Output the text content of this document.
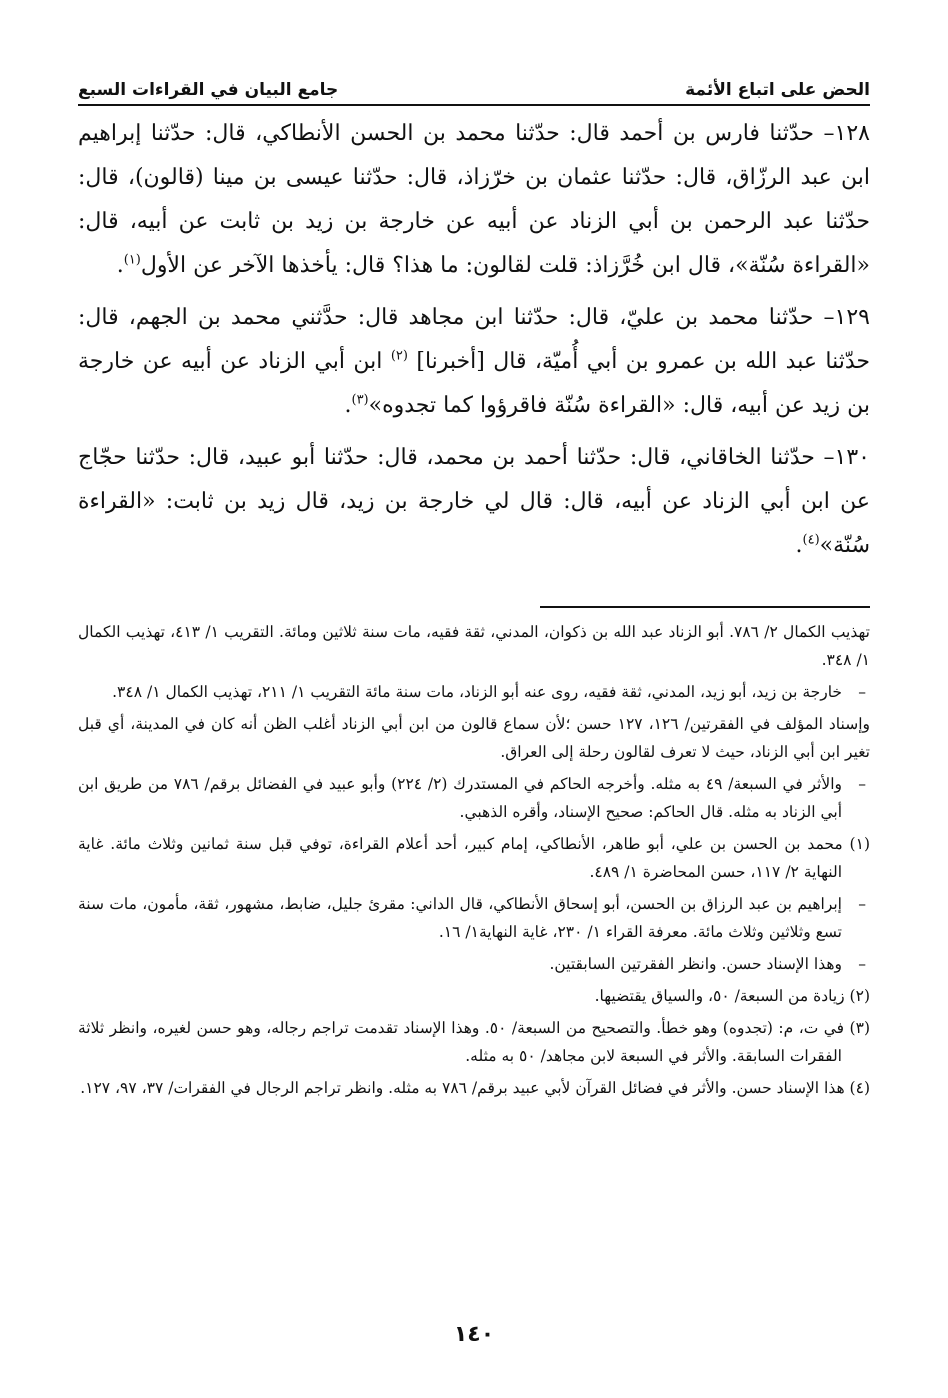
الحض على اتباع الأئمة
جامع البيان في القراءات السبع

١٢٨– حدّثنا فارس بن أحمد قال: حدّثنا محمد بن الحسن الأنطاكي، قال: حدّثنا إبراهيم ابن عبد الرزّاق، قال: حدّثنا عثمان بن خرّزاذ، قال: حدّثنا عيسى بن مينا (قالون)، قال: حدّثنا عبد الرحمن بن أبي الزناد عن أبيه عن خارجة بن زيد بن ثابت عن أبيه، قال: «القراءة سُنّة»، قال ابن خُرَّزاذ: قلت لقالون: ما هذا؟ قال: يأخذها الآخر عن الأول$^{(١)}$.

١٢٩– حدّثنا محمد بن عليّ، قال: حدّثنا ابن مجاهد قال: حدَّثني محمد بن الجهم، قال: حدّثنا عبد الله بن عمرو بن أبي أُميّة، قال [أخبرنا] $^{(٢)}$ ابن أبي الزناد عن أبيه عن خارجة بن زيد عن أبيه، قال: «القراءة سُنّة فاقرؤوا كما تجدوه»$^{(٣)}$.

١٣٠– حدّثنا الخاقاني، قال: حدّثنا أحمد بن محمد، قال: حدّثنا أبو عبيد، قال: حدّثنا حجّاج عن ابن أبي الزناد عن أبيه، قال: قال لي خارجة بن زيد، قال زيد بن ثابت: «القراءة سُنّة»$^{(٤)}$.

تهذيب الكمال ٢/ ٧٨٦. أبو الزناد عبد الله بن ذكوان، المدني، ثقة فقيه، مات سنة ثلاثين ومائة. التقريب ١/ ٤١٣، تهذيب الكمال ١/ ٣٤٨.

– خارجة بن زيد، أبو زيد، المدني، ثقة فقيه، روى عنه أبو الزناد، مات سنة مائة التقريب ١/ ٢١١، تهذيب الكمال ١/ ٣٤٨.

وإسناد المؤلف في الفقرتين/ ١٢٦، ١٢٧ حسن ؛لأن سماع قالون من ابن أبي الزناد أغلب الظن أنه كان في المدينة، أي قبل تغير ابن أبي الزناد، حيث لا تعرف لقالون رحلة إلى العراق.

– والأثر في السبعة/ ٤٩ به مثله. وأخرجه الحاكم في المستدرك (٢/ ٢٢٤) وأبو عبيد في الفضائل برقم/ ٧٨٦ من طريق ابن أبي الزناد به مثله. قال الحاكم: صحيح الإسناد، وأقره الذهبي.

(١) محمد بن الحسن بن علي، أبو طاهر، الأنطاكي، إمام كبير، أحد أعلام القراءة، توفي قبل سنة ثمانين وثلاث مائة. غاية النهاية ٢/ ١١٧، حسن المحاضرة ١/ ٤٨٩.

– إبراهيم بن عبد الرزاق بن الحسن، أبو إسحاق الأنطاكي، قال الداني: مقرئ جليل، ضابط، مشهور، ثقة، مأمون، مات سنة تسع وثلاثين وثلاث مائة. معرفة القراء ١/ ٢٣٠، غاية النهاية١/ ١٦.

– وهذا الإسناد حسن. وانظر الفقرتين السابقتين.

(٢) زيادة من السبعة/ ٥٠، والسياق يقتضيها.

(٣) في ت، م: (تجدوه) وهو خطأ. والتصحيح من السبعة/ ٥٠. وهذا الإسناد تقدمت تراجم رجاله، وهو حسن لغيره، وانظر ثلاثة الفقرات السابقة. والأثر في السبعة لابن مجاهد/ ٥٠ به مثله.

(٤) هذا الإسناد حسن. والأثر في فضائل القرآن لأبي عبيد برقم/ ٧٨٦ به مثله. وانظر تراجم الرجال في الفقرات/ ٣٧، ٩٧، ١٢٧.

١٤٠
